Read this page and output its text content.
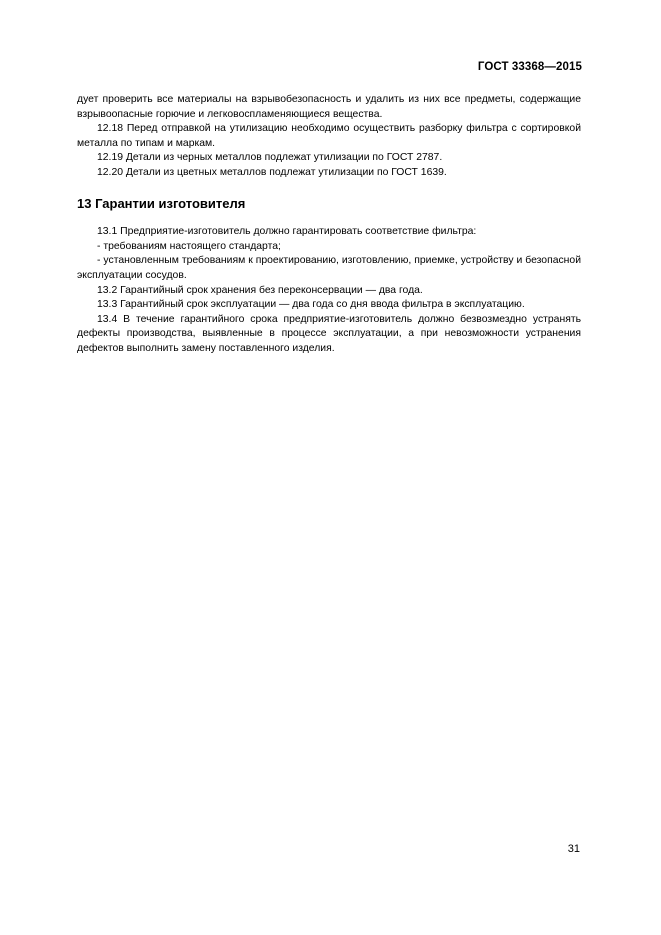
ГОСТ 33368—2015

дует проверить все материалы на взрывобезопасность и удалить из них все предметы, содержащие взрывоопасные горючие и легковоспламеняющиеся вещества.

12.18 Перед отправкой на утилизацию необходимо осуществить разборку фильтра с сортировкой металла по типам и маркам.

12.19 Детали из черных металлов подлежат утилизации по ГОСТ 2787.

12.20 Детали из цветных металлов подлежат утилизации по ГОСТ 1639.

13 Гарантии изготовителя

13.1 Предприятие-изготовитель должно гарантировать соответствие фильтра:

- требованиям настоящего стандарта;

- установленным требованиям к проектированию, изготовлению, приемке, устройству и безопасной эксплуатации сосудов.

13.2 Гарантийный срок хранения без переконсервации — два года.

13.3 Гарантийный срок эксплуатации — два года со дня ввода фильтра в эксплуатацию.

13.4 В течение гарантийного срока предприятие-изготовитель должно безвозмездно устранять дефекты производства, выявленные в процессе эксплуатации, а при невозможности устранения дефектов выполнить замену поставленного изделия.

31
